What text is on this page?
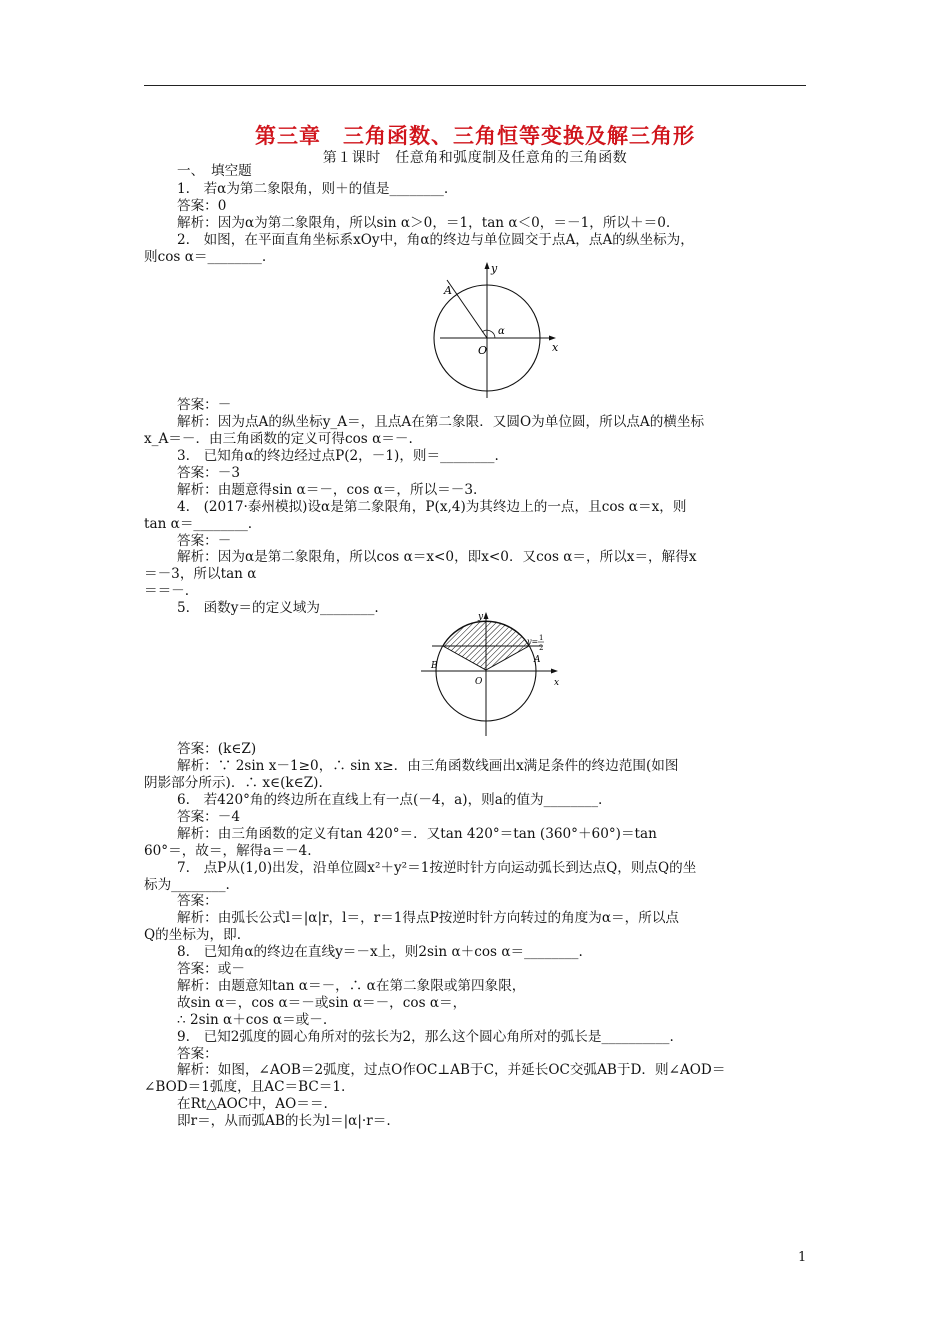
第三章　三角函数、三角恒等变换及解三角形
第１课时　任意角和弧度制及任意角的三角函数
一、　填空题
1.　若α为第二象限角，则＋的值是________.
答案：0
解析：因为α为第二象限角，所以sin α＞0，＝1，tan α＜0，＝－1，所以＋＝0.
2.　如图，在平面直角坐标系xOy中，角α的终边与单位圆交于点A，点A的纵坐标为，
则cos α＝________.
y
x
A
O
α
答案：－
解析：因为点A的纵坐标y_A＝，且点A在第二象限．又圆O为单位圆，所以点A的横坐标
x_A＝－．由三角函数的定义可得cos α＝－.
3.　已知角α的终边经过点P(2，－1)，则＝________.
答案：－3
解析：由题意得sin α＝－，cos α＝，所以＝－3.
4.　(2017·泰州模拟)设α是第二象限角，P(x,4)为其终边上的一点，且cos α＝x，则
tan α＝________.
答案：－
解析：因为α是第二象限角，所以cos α＝x<0，即x<0．又cos α＝，所以x＝，解得x
＝－3，所以tan α
＝＝－.
5.　函数y＝的定义域为________.
y
x
y= 1
2
A
B
O
答案：(k∈Z)
解析：∵ 2sin x－1≥0，∴ sin x≥．由三角函数线画出x满足条件的终边范围(如图
阴影部分所示)．∴ x∈(k∈Z).
6.　若420°角的终边所在直线上有一点(－4，a)，则a的值为________.
答案：－4
解析：由三角函数的定义有tan 420°＝．又tan 420°＝tan (360°＋60°)＝tan
60°＝，故＝，解得a＝－4.
7.　点P从(1,0)出发，沿单位圆x²＋y²＝1按逆时针方向运动弧长到达点Q，则点Q的坐
标为________.
答案：
解析：由弧长公式l＝|α|r，l＝，r＝1得点P按逆时针方向转过的角度为α＝，所以点
Q的坐标为，即.
8.　已知角α的终边在直线y＝－x上，则2sin α＋cos α＝________.
答案：或－
解析：由题意知tan α＝－，∴ α在第二象限或第四象限，
故sin α＝，cos α＝－或sin α＝－，cos α＝，
∴ 2sin α＋cos α＝或－.
9.　已知2弧度的圆心角所对的弦长为2，那么这个圆心角所对的弧长是__________.
答案：
解析：如图，∠AOB＝2弧度，过点O作OC⊥AB于C，并延长OC交弧AB于D．则∠AOD＝
∠BOD＝1弧度，且AC＝BC＝1.
在Rt△AOC中，AO＝＝.
即r＝，从而弧AB的长为l＝|α|·r＝.
1
